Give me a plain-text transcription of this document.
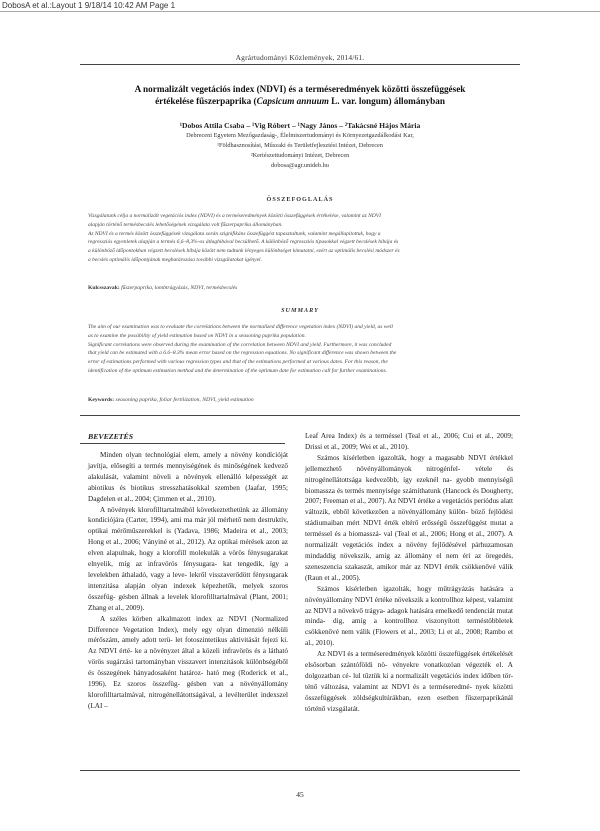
DobosA et al.:Layout 1 9/18/14 10:42 AM Page 1
Agrártudományi Közlemények, 2014/61.
A normalizált vegetációs index (NDVI) és a terméseredmények közötti összefüggések
értékelése fűszerpaprika (Capsicum annuum L. var. longum) állományban
¹Dobos Attila Csaba – ¹Vig Róbert – ¹Nagy János – ²Takácsné Hájos Mária
Debreceni Egyetem Mezőgazdaság-, Élelmiszertudományi és Környezetgazdálkodási Kar,
¹Földhasznosítási, Műszaki és Területfejlesztési Intézet, Debrecen
²Kertészettudományi Intézet, Debrecen
dobosa@agr.unideb.hu
ÖSSZEFOGLALÁS
Vizsgálatunk célja a normalizált vegetációs index (NDVI) és a terméseredmények közötti összefüggések értékelése, valamint az NDVI
alapján történő termésbecslés lehetőségének vizsgálata volt fűszerpaprika állományban.
Az NDVI és a termés között összefüggések vizsgálata során szignifikáns összefüggést tapasztaltunk, valamint megállapítottuk, hogy a
regressziós egyenletek alapján a termés 6,6–8,3%-os átlaghibával becsülhető. A különböző regressziós típusokkal végzett becslések hibája és
a különböző időpontokban végzett becslések hibája között nem tudtunk lényeges különbséget kimutatni, ezért az optimális becslési módszer és
a becslés optimális időpontjának meghatározása további vizsgálatokat igényel.
Kulcsszavak: fűszerpaprika, lombtrágyázás, NDVI, termésbecslés
SUMMARY
The aim of our examination was to evaluate the correlations between the normalized difference vegetation index (NDVI) and yield, as well
as to examine the possibility of yield estimation based on NDVI in a seasoning paprika population.
Significant correlations were observed during the examination of the correlation between NDVI and yield. Furthermore, it was concluded
that yield can be estimated with a 6.6–8.3% mean error based on the regression equations. No significant difference was shown between the
error of estimations performed with various regression types and that of the estimations performed at various dates. For this reason, the
identification of the optimum estimation method and the determination of the optimum date for estimation call for further examinations.
Keywords: seasoning paprika, foliar fertilization, NDVI, yield estimation
BEVEZETÉS

Minden olyan technológiai elem, amely a növény kondícióját javítja, elősegíti a termés mennyiségének és minőségének kedvező alakulását, valamint növeli a növények ellenálló képességét az abiotikus és biotikus stresszhatásokkal szemben (Jaafar, 1995; Dagdelen et al., 2004; Çimmen et al., 2010).

A növények klorofilltartalmából következtethetünk az állomány kondíciójára (Carter, 1994), ami ma már jól mérhető nem destruktív, optikai mérőműszerekkel is (Yadava, 1986; Madeira et al., 2003; Hong et al., 2006; Ványiné et al., 2012). Az optikai mérések azon az elven alapulnak, hogy a klorofill molekulák a vörös fénysugarakat elnyelik, míg az infravörös fénysugara- kat tengedik, így a levelekben áthaladó, vagy a leve- lekről visszaverődött fénysugarak intenzitása alapján olyan indexek képezhetők, melyek szoros összefüg- gésben állnak a levelek klorofilltartalmával (Plant, 2001; Zhang et al., 2009).

A széles körben alkalmazott index az NDVI (Normalized Difference Vegetation Index), mely egy olyan dimenzió nélküli mérőszám, amely adott terü- let fotoszintetikus aktivitását fejezi ki. Az NDVI érté- ke a növényzet által a közeli infravörös és a látható vörös sugárzási tartományban visszavert intenzitások különbségéből és összegének hányadosaként határoz- ható meg (Roderick et al., 1996). Ez szoros összefüg- gésben van a növényállomány klorofilltartalmával, nitrogénellátottságával, a levélterület indexszel (LAI –

Leaf Area Index) és a terméssel (Teal et al., 2006; Cui et al., 2009; Drissi et al., 2009; Wei et al., 2010).

Számos kísérletben igazolták, hogy a magasabb NDVI értékkel jellemezhető növényállományok nitrogénfel- vétele és nitrogénellátottsága kedvezőbb, így ezeknél na- gyobb mennyiségű biomassza és termés mennyisége számíthatunk (Hancock és Dougherty, 2007; Freeman et al., 2007). Az NDVI értéke a vegetációs periódus alatt változik, ebből következően a növényállomány külön- böző fejlődési stádiumaiban mért NDVI érték eltérő erősségű összefüggést mutat a terméssel és a biomasszá- val (Teal et al., 2006; Hong et al., 2007). A normalizált vegetációs index a növény fejlődésével párhuzamosan mindaddig növekszik, amíg az állomány el nem éri az öregedés, szeneszencia szakaszát, amikor már az NDVI érték csökkenővé válik (Raun et al., 2005).

Számos kísérletben igazolták, hogy műtrágyázás hatására a növényállomány NDVI értéke növekszik a kontrollhoz képest, valamint az NDVI a növekvő trágya- adagok hatására emelkedő tendenciát mutat minda- dig, amíg a kontrollhoz viszonyított terméstöbbletek csökkenővé nem válik (Flowers et al., 2003; Li et al., 2008; Rambo et al., 2010).

Az NDVI és a terméseredmények közötti összefüggések értékelését elsősorban szántóföldi nö- vényekre vonatkozóan végezték el. A dolgozatban cé- lul tűztük ki a normalizált vegetációs index időben tör- ténő változása, valamint az NDVI és a terméseredmé- nyek közötti összefüggések zöldségkultúrákban, ezen esetben fűszerpaprikánál történő vizsgálatát.

45
